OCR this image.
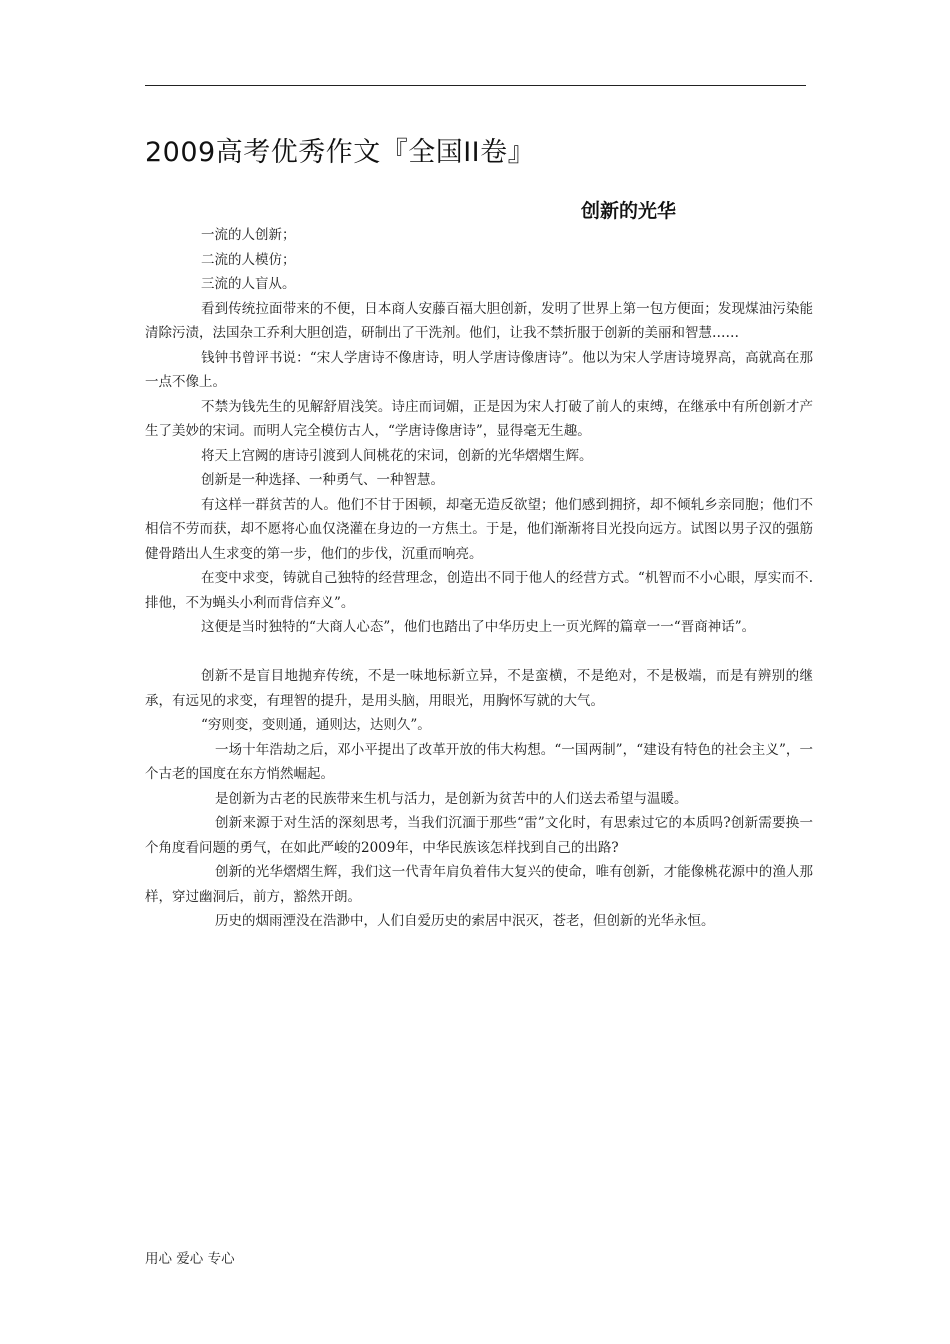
2009高考优秀作文『全国II卷』
创新的光华

一流的人创新；

二流的人模仿；

三流的人盲从。

看到传统拉面带来的不便，日本商人安藤百福大胆创新，发明了世界上第一包方便面；发现煤油污染能清除污渍，法国杂工乔利大胆创造，研制出了干洗剂。他们，让我不禁折服于创新的美丽和智慧……

钱钟书曾评书说：“宋人学唐诗不像唐诗，明人学唐诗像唐诗”。他以为宋人学唐诗境界高，高就高在那一点不像上。

不禁为钱先生的见解舒眉浅笑。诗庄而词媚，正是因为宋人打破了前人的束缚，在继承中有所创新才产生了美妙的宋词。而明人完全模仿古人，“学唐诗像唐诗”，显得毫无生趣。

将天上宫阙的唐诗引渡到人间桃花的宋词，创新的光华熠熠生辉。

创新是一种选择、一种勇气、一种智慧。

有这样一群贫苦的人。他们不甘于困顿，却毫无造反欲望；他们感到拥挤，却不倾轧乡亲同胞；他们不相信不劳而获，却不愿将心血仅浇灌在身边的一方焦土。于是，他们渐渐将目光投向远方。试图以男子汉的强筋健骨踏出人生求变的第一步，他们的步伐，沉重而响亮。

在变中求变，铸就自己独特的经营理念，创造出不同于他人的经营方式。“机智而不小心眼，厚实而不.排他，不为蝇头小利而背信弃义”。

这便是当时独特的“大商人心态”，他们也踏出了中华历史上一页光辉的篇章一一“晋商神话”。

创新不是盲目地抛弃传统，不是一味地标新立异，不是蛮横，不是绝对，不是极端，而是有辨别的继承，有远见的求变，有理智的提升，是用头脑，用眼光，用胸怀写就的大气。

“穷则变，变则通，通则达，达则久”。

一场十年浩劫之后，邓小平提出了改革开放的伟大构想。“一国两制”，“建设有特色的社会主义”，一个古老的国度在东方悄然崛起。

是创新为古老的民族带来生机与活力，是创新为贫苦中的人们送去希望与温暖。

创新来源于对生活的深刻思考，当我们沉湎于那些“雷”文化时，有思索过它的本质吗?创新需要换一个角度看问题的勇气，在如此严峻的2009年，中华民族该怎样找到自己的出路?

创新的光华熠熠生辉，我们这一代青年肩负着伟大复兴的使命，唯有创新，才能像桃花源中的渔人那样，穿过幽洞后，前方，豁然开朗。

历史的烟雨湮没在浩渺中，人们自爱历史的索居中泯灭，苍老，但创新的光华永恒。

用心 爱心 专心
